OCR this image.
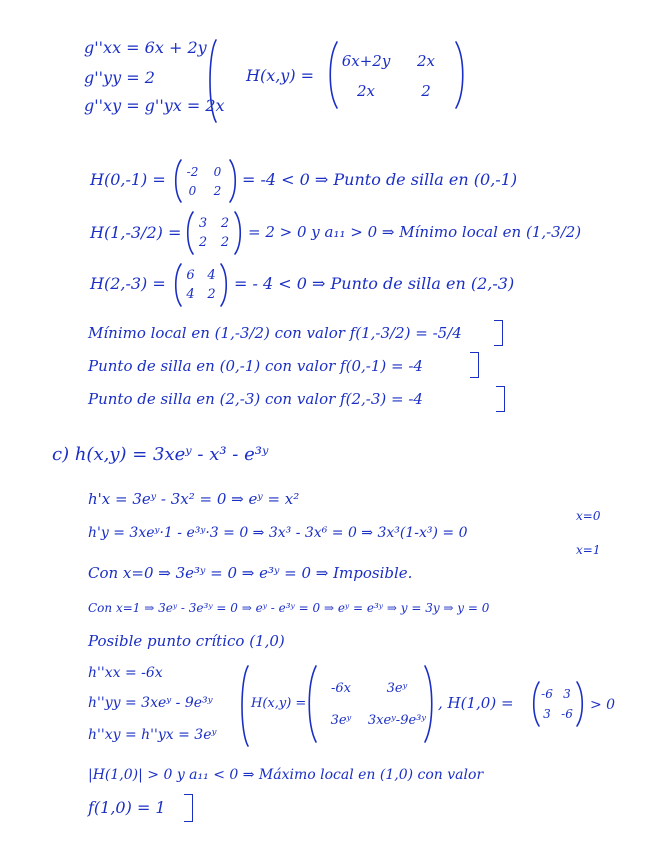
g''xx = 6x + 2y
g''yy = 2
g''xy = g''yx = 2x
H(x,y) =
6x+2y 2x
2x	2
H(0,-1) = -2 0
0 2
= -4 < 0 ⇒ Punto de silla en (0,-1)
H(1,-3/2) = 3 2
2 2
= 2 > 0 y a₁₁ > 0 ⇒ Mínimo local en (1,-3/2)
H(2,-3) = 6 4
4 2
= - 4 < 0 ⇒ Punto de silla en (2,-3)
Mínimo local en (1,-3/2) con valor f(1,-3/2) = -5/4
Punto de silla en (0,-1) con valor f(0,-1) = -4
Punto de silla en (2,-3) con valor f(2,-3) = -4
c) h(x,y) = 3xeʸ - x³ - e³ʸ
h'x = 3eʸ - 3x² = 0 ⇒ eʸ = x²
h'y = 3xeʸ·1 - e³ʸ·3 = 0 ⇒ 3x³ - 3x⁶ = 0 ⇒ 3x³(1-x³) = 0
x=0
x=1
Con x=0 ⇒ 3e³ʸ = 0 ⇒ e³ʸ = 0 ⇒ Imposible.
Con x=1 ⇒ 3eʸ - 3e³ʸ = 0 ⇒ eʸ - e³ʸ = 0 ⇒ eʸ = e³ʸ ⇒ y = 3y ⇒ y = 0
Posible punto crítico (1,0)
h''xx = -6x
h''yy = 3xeʸ - 9e³ʸ
h''xy = h''yx = 3eʸ
H(x,y) =
-6x	3eʸ
3eʸ 3xeʸ-9e³ʸ
, H(1,0) = -6 3
3 -6
> 0
|H(1,0)| > 0 y a₁₁ < 0 ⇒ Máximo local en (1,0) con valor
f(1,0) = 1
